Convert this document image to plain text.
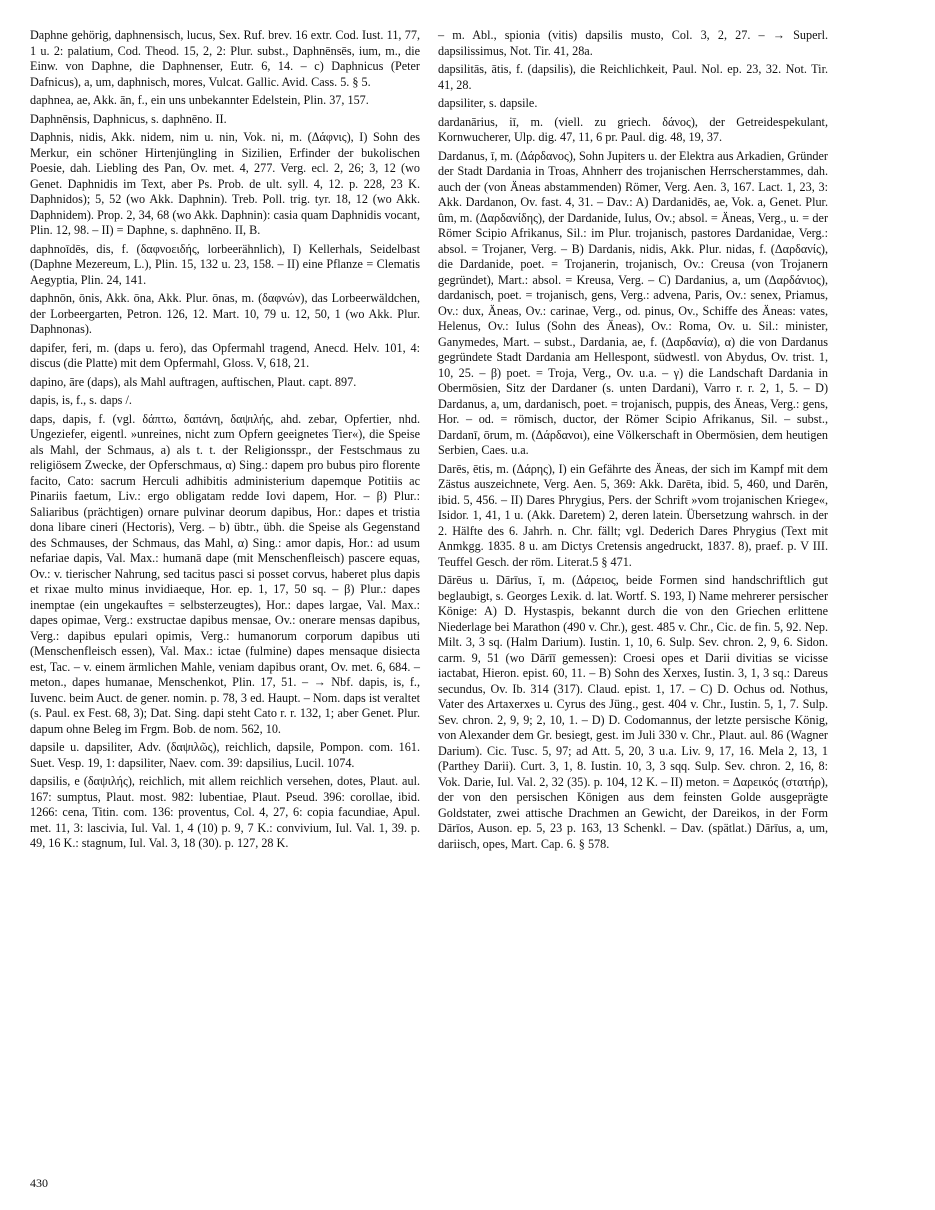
Daphne gehörig, daphnensisch, lucus, Sex. Ruf. brev. 16 extr. Cod. Iust. 11, 77, 1 u. 2: palatium, Cod. Theod. 15, 2, 2: Plur. subst., Daphnēnsēs, ium, m., die Einw. von Daphne, die Daphnenser, Eutr. 6, 14. – c) Daphnicus (Peter Dafnicus), a, um, daphnisch, mores, Vulcat. Gallic. Avid. Cass. 5. § 5.

daphnea, ae, Akk. ān, f., ein uns unbekannter Edelstein, Plin. 37, 157.

Daphnēnsis, Daphnicus, s. daphnēno. II.

Daphnis, nidis, Akk. nidem, nim u. nin, Vok. ni, m. (Δάφνις), I) Sohn des Merkur, ein schöner Hirtenjüngling in Sizilien, Erfinder der bukolischen Poesie, dah. Liebling des Pan, Ov. met. 4, 277. Verg. ecl. 2, 26; 3, 12 (wo Genet. Daphnidis im Text, aber Ps. Prob. de ult. syll. 4, 12. p. 228, 23 K. Daphnidos); 5, 52 (wo Akk. Daphnin). Treb. Poll. trig. tyr. 18, 12 (wo Akk. Daphnidem). Prop. 2, 34, 68 (wo Akk. Daphnin): casia quam Daphnidis vocant, Plin. 12, 98. – II) = Daphne, s. daphnēno. II, B.

daphnoīdēs, dis, f. (δαφνοειδής, lorbeerähnlich), I) Kellerhals, Seidelbast (Daphne Mezereum, L.), Plin. 15, 132 u. 23, 158. – II) eine Pflanze = Clematis Aegyptia, Plin. 24, 141.

daphnōn, ōnis, Akk. ōna, Akk. Plur. ōnas, m. (δαφνών), das Lorbeerwäldchen, der Lorbeergarten, Petron. 126, 12. Mart. 10, 79 u. 12, 50, 1 (wo Akk. Plur. Daphnonas).

dapifer, feri, m. (daps u. fero), das Opfermahl tragend, Anecd. Helv. 101, 4: discus (die Platte) mit dem Opfermahl, Gloss. V, 618, 21.

dapino, āre (daps), als Mahl auftragen, auftischen, Plaut. capt. 897.

dapis, is, f., s. daps /.

daps, dapis, f. (vgl. δάπτω, δαπάνη, δαψιλής, ahd. zebar, Opfertier, nhd. Ungeziefer, eigentl. »unreines, nicht zum Opfern geeignetes Tier«), die Speise als Mahl, der Schmaus, a) als t. t. der Religionsspr., der Festschmaus zu religiösem Zwecke, der Opferschmaus, α) Sing.: dapem pro bubus piro florente facito, Cato: sacrum Herculi adhibitis administerium dapemque Potitiis ac Pinariis faetum, Liv.: ergo obligatam redde Iovi dapem, Hor. – β) Plur.: Saliaribus (prächtigen) ornare pulvinar deorum dapibus, Hor.: dapes et tristia dona libare cineri (Hectoris), Verg. – b) übtr., übh. die Speise als Gegenstand des Schmauses, der Schmaus, das Mahl, α) Sing.: amor dapis, Hor.: ad usum nefariae dapis, Val. Max.: humanā dape (mit Menschenfleisch) pascere equas, Ov.: v. tierischer Nahrung, sed tacitus pasci si posset corvus, haberet plus dapis et rixae multo minus invidiaeque, Hor. ep. 1, 17, 50 sq. – β) Plur.: dapes inemptae (ein ungekauftes = selbsterzeugtes), Hor.: dapes largae, Val. Max.: dapes opimae, Verg.: exstructae dapibus mensae, Ov.: onerare mensas dapibus, Verg.: dapibus epulari opimis, Verg.: humanorum corporum dapibus uti (Menschenfleisch essen), Val. Max.: ictae (fulmine) dapes mensaque disiecta est, Tac. – v. einem ärmlichen Mahle, veniam dapibus orant, Ov. met. 6, 684. – meton., dapes humanae, Menschenkot, Plin. 17, 51. – → Nbf. dapis, is, f., Iuvenc. beim Auct. de gener. nomin. p. 78, 3 ed. Haupt. – Nom. daps ist veraltet (s. Paul. ex Fest. 68, 3); Dat. Sing. dapi steht Cato r. r. 132, 1; aber Genet. Plur. dapum ohne Beleg im Frgm. Bob. de nom. 562, 10.

dapsile u. dapsiliter, Adv. (δαψιλῶς), reichlich, dapsile, Pompon. com. 161. Suet. Vesp. 19, 1: dapsiliter, Naev. com. 39: dapsilius, Lucil. 1074.

dapsilis, e (δαψιλής), reichlich, mit allem reichlich versehen, dotes, Plaut. aul. 167: sumptus, Plaut. most. 982: lubentiae, Plaut. Pseud. 396: corollae, ibid. 1266: cena, Titin. com. 136: proventus, Col. 4, 27, 6: copia facundiae, Apul. met. 11, 3: lascivia, Iul. Val. 1, 4 (10) p. 9, 7 K.: convivium, Iul. Val. 1, 39. p. 49, 16 K.: stagnum, Iul. Val. 3, 18 (30). p. 127, 28 K.

– m. Abl., spionia (vitis) dapsilis musto, Col. 3, 2, 27. – → Superl. dapsilissimus, Not. Tir. 41, 28a.

dapsilitās, ātis, f. (dapsilis), die Reichlichkeit, Paul. Nol. ep. 23, 32. Not. Tir. 41, 28.

dapsiliter, s. dapsile.

dardanārius, iī, m. (viell. zu griech. δάνος), der Getreidespekulant, Kornwucherer, Ulp. dig. 47, 11, 6 pr. Paul. dig. 48, 19, 37.

Dardanus, ī, m. (Δάρδανος), Sohn Jupiters u. der Elektra aus Arkadien, Gründer der Stadt Dardania in Troas, Ahnherr des trojanischen Herrscherstammes, dah. auch der (von Äneas abstammenden) Römer, Verg. Aen. 3, 167. Lact. 1, 23, 3: Akk. Dardanon, Ov. fast. 4, 31. – Dav.: A) Dardanidēs, ae, Vok. a, Genet. Plur. ûm, m. (Δαρδανίδης), der Dardanide, Iulus, Ov.; absol. = Äneas, Verg., u. = der Römer Scipio Afrikanus, Sil.: im Plur. trojanisch, pastores Dardanidae, Verg.: absol. = Trojaner, Verg. – B) Dardanis, nidis, Akk. Plur. nidas, f. (Δαρδανίς), die Dardanide, poet. = Trojanerin, trojanisch, Ov.: Creusa (von Trojanern gegründet), Mart.: absol. = Kreusa, Verg. – C) Dardanius, a, um (Δαρδάνιος), dardanisch, poet. = trojanisch, gens, Verg.: advena, Paris, Ov.: senex, Priamus, Ov.: dux, Äneas, Ov.: carinae, Verg., od. pinus, Ov., Schiffe des Äneas: vates, Helenus, Ov.: Iulus (Sohn des Äneas), Ov.: Roma, Ov. u. Sil.: minister, Ganymedes, Mart. – subst., Dardania, ae, f. (Δαρδανία), α) die von Dardanus gegründete Stadt Dardania am Hellespont, südwestl. von Abydus, Ov. trist. 1, 10, 25. – β) poet. = Troja, Verg., Ov. u.a. – γ) die Landschaft Dardania in Obermösien, Sitz der Dardaner (s. unten Dardani), Varro r. r. 2, 1, 5. – D) Dardanus, a, um, dardanisch, poet. = trojanisch, puppis, des Äneas, Verg.: gens, Hor. – od. = römisch, ductor, der Römer Scipio Afrikanus, Sil. – subst., Dardanī, ōrum, m. (Δάρδανοι), eine Völkerschaft in Obermösien, dem heutigen Serbien, Caes. u.a.

Darēs, ētis, m. (Δάρης), I) ein Gefährte des Äneas, der sich im Kampf mit dem Zästus auszeichnete, Verg. Aen. 5, 369: Akk. Darēta, ibid. 5, 460, und Darēn, ibid. 5, 456. – II) Dares Phrygius, Pers. der Schrift »vom trojanischen Kriege«, Isidor. 1, 41, 1 u. (Akk. Daretem) 2, deren latein. Übersetzung wahrsch. in der 2. Hälfte des 6. Jahrh. n. Chr. fällt; vgl. Dederich Dares Phrygius (Text mit Anmkgg. 1835. 8 u. am Dictys Cretensis angedruckt, 1837. 8), praef. p. V III. Teuffel Gesch. der röm. Literat.5 § 471.

Dārēus u. Dārīus, ī, m. (Δάρειος, beide Formen sind handschriftlich gut beglaubigt, s. Georges Lexik. d. lat. Wortf. S. 193, I) Name mehrerer persischer Könige: A) D. Hystaspis, bekannt durch die von den Griechen erlittene Niederlage bei Marathon (490 v. Chr.), gest. 485 v. Chr., Cic. de fin. 5, 92. Nep. Milt. 3, 3 sq. (Halm Darium). Iustin. 1, 10, 6. Sulp. Sev. chron. 2, 9, 6. Sidon. carm. 9, 51 (wo Dārīī gemessen): Croesi opes et Darii divitias se vicisse iactabat, Hieron. epist. 60, 11. – B) Sohn des Xerxes, Iustin. 3, 1, 3 sq.: Dareus secundus, Ov. Ib. 314 (317). Claud. epist. 1, 17. – C) D. Ochus od. Nothus, Vater des Artaxerxes u. Cyrus des Jüng., gest. 404 v. Chr., Iustin. 5, 1, 7. Sulp. Sev. chron. 2, 9, 9; 2, 10, 1. – D) D. Codomannus, der letzte persische König, von Alexander dem Gr. besiegt, gest. im Juli 330 v. Chr., Plaut. aul. 86 (Wagner Darium). Cic. Tusc. 5, 97; ad Att. 5, 20, 3 u.a. Liv. 9, 17, 16. Mela 2, 13, 1 (Parthey Darii). Curt. 3, 1, 8. Iustin. 10, 3, 3 sqq. Sulp. Sev. chron. 2, 16, 8: Vok. Darie, Iul. Val. 2, 32 (35). p. 104, 12 K. – II) meton. = Δαρεικός (στατήρ), der von den persischen Königen aus dem feinsten Golde ausgeprägte Goldstater, zwei attische Drachmen an Gewicht, der Dareikos, in der Form Dārīos, Auson. ep. 5, 23 p. 163, 13 Schenkl. – Dav. (spätlat.) Dārīus, a, um, dariisch, opes, Mart. Cap. 6. § 578.

430
